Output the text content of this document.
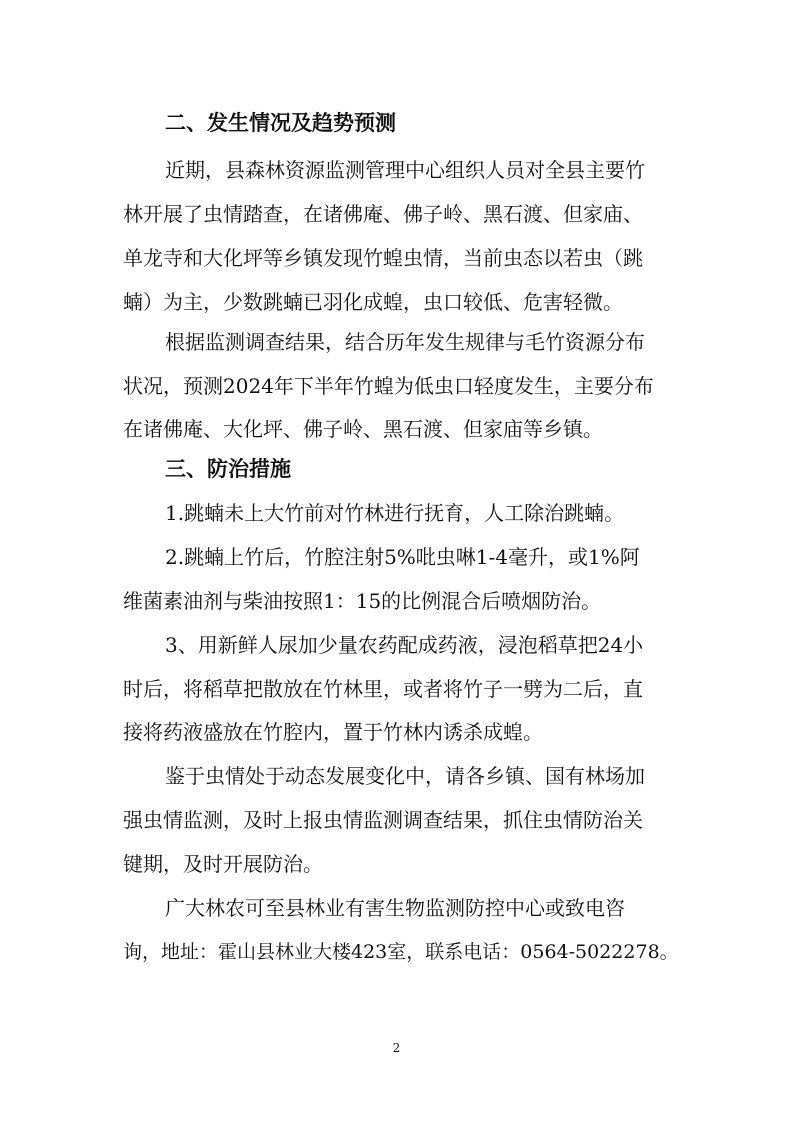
二、发生情况及趋势预测
近期，县森林资源监测管理中心组织人员对全县主要竹
林开展了虫情踏查，在诸佛庵、佛子岭、黑石渡、但家庙、
单龙寺和大化坪等乡镇发现竹蝗虫情，当前虫态以若虫（跳
蝻）为主，少数跳蝻已羽化成蝗，虫口较低、危害轻微。
根据监测调查结果，结合历年发生规律与毛竹资源分布
状况，预测2024年下半年竹蝗为低虫口轻度发生，主要分布
在诸佛庵、大化坪、佛子岭、黑石渡、但家庙等乡镇。
三、防治措施
1.跳蝻未上大竹前对竹林进行抚育，人工除治跳蝻。
2.跳蝻上竹后，竹腔注射5%吡虫啉1-4毫升，或1%阿
维菌素油剂与柴油按照1：15的比例混合后喷烟防治。
3、用新鲜人尿加少量农药配成药液，浸泡稻草把24小
时后，将稻草把散放在竹林里，或者将竹子一劈为二后，直
接将药液盛放在竹腔内，置于竹林内诱杀成蝗。
鉴于虫情处于动态发展变化中，请各乡镇、国有林场加
强虫情监测，及时上报虫情监测调查结果，抓住虫情防治关
键期，及时开展防治。
广大林农可至县林业有害生物监测防控中心或致电咨
询，地址：霍山县林业大楼423室，联系电话：0564-5022278。
2
